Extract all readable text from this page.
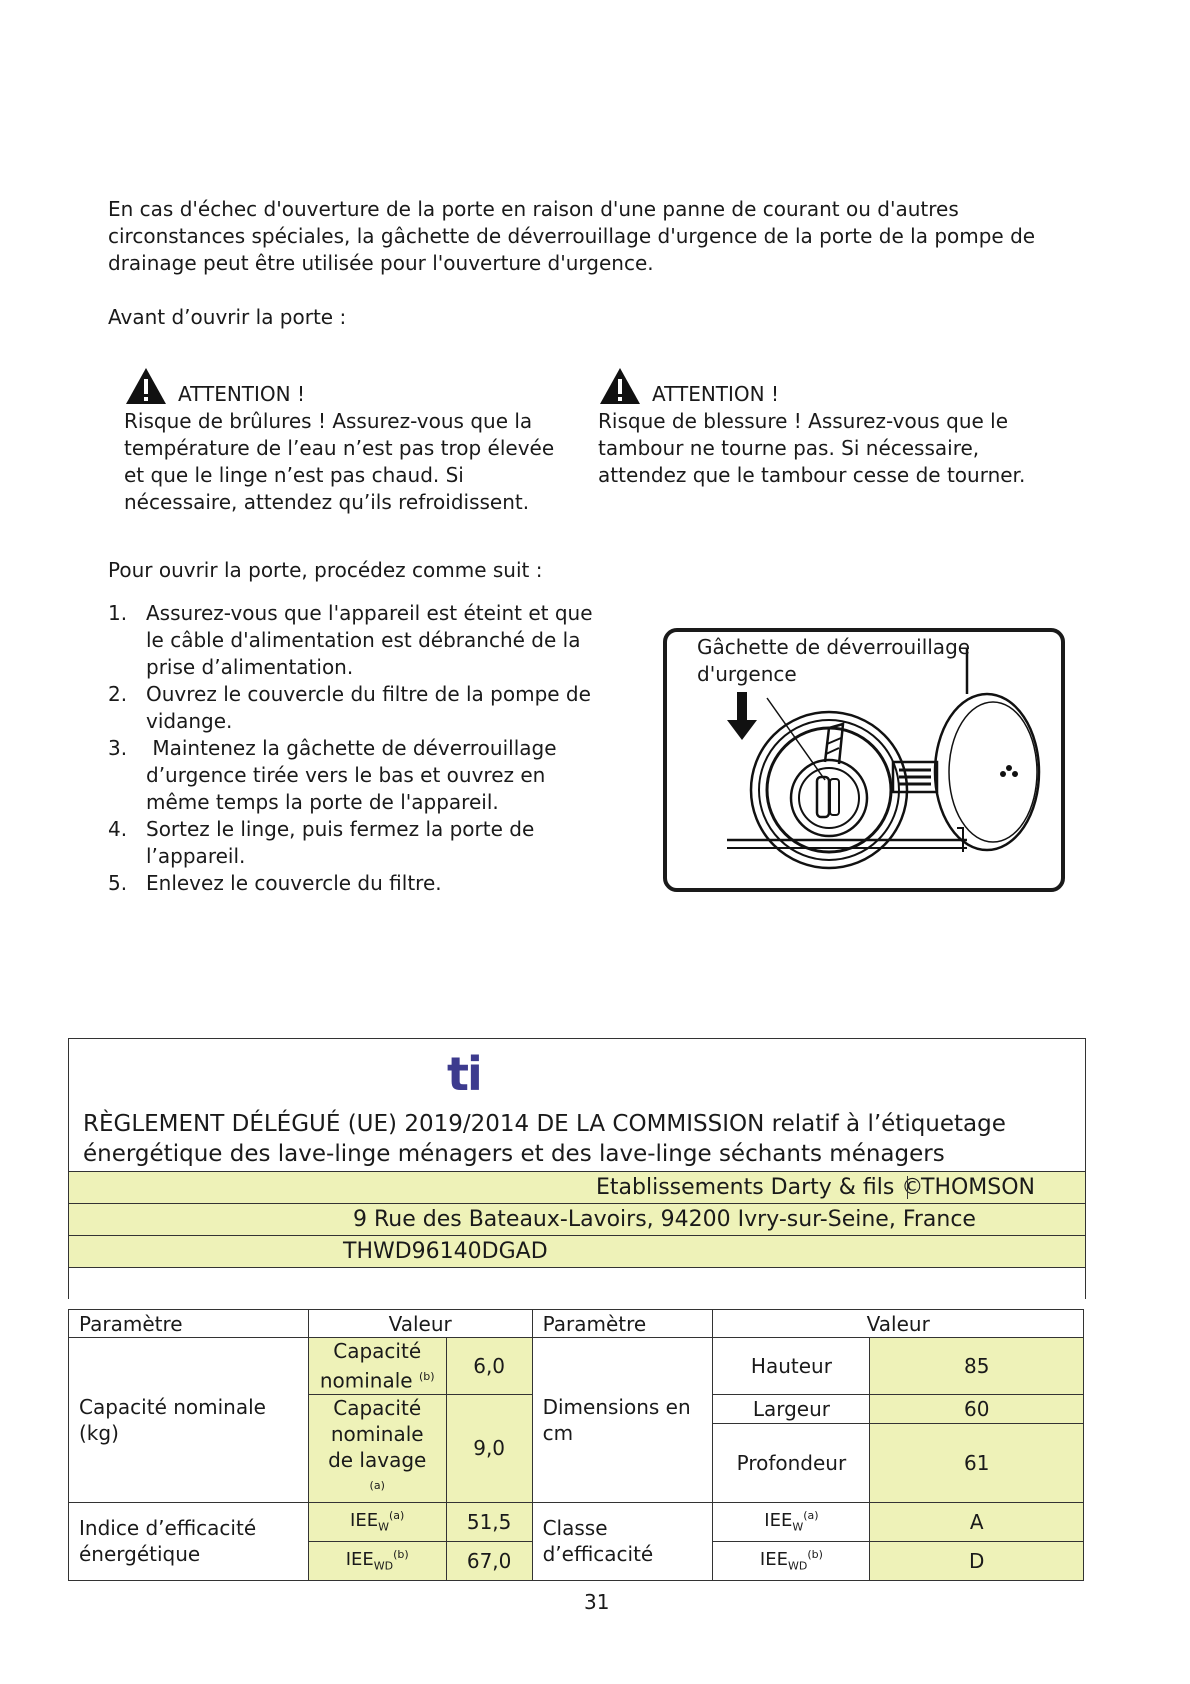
En cas d'échec d'ouverture de la porte en raison d'une panne de courant ou d'autres circonstances spéciales, la gâchette de déverrouillage d'urgence de la porte de la pompe de drainage peut être utilisée pour l'ouverture d'urgence.
Avant d’ouvrir la porte :
ATTENTION !
Risque de brûlures ! Assurez-vous que la température de l’eau n’est pas trop élevée et que le linge n’est pas chaud. Si nécessaire, attendez qu’ils refroidissent.
ATTENTION !
Risque de blessure ! Assurez-vous que le tambour ne tourne pas. Si nécessaire, attendez que le tambour cesse de tourner.
Pour ouvrir la porte, procédez comme suit :
1. Assurez-vous que l'appareil est éteint et que le câble d'alimentation est débranché de la prise d’alimentation.
2. Ouvrez le couvercle du filtre de la pompe de vidange.
3. Maintenez la gâchette de déverrouillage d’urgence tirée vers le bas et ouvrez en même temps la porte de l'appareil.
4. Sortez le linge, puis fermez la porte de l’appareil.
5. Enlevez le couvercle du filtre.
Gâchette de déverrouillage
d'urgence
ti
RÈGLEMENT DÉLÉGUÉ (UE) 2019/2014 DE LA COMMISSION relatif à l’étiquetage
énergétique des lave-linge ménagers et des lave-linge séchants ménagers
Etablissements Darty & fils ©
THOMSON
9 Rue des Bateaux-Lavoirs, 94200 Ivry-sur-Seine, France
THWD96140DGAD
Paramètre	Valeur		Paramètre	Valeur	
Capacité nominale (kg)	Capacité nominale $^{(b)}$	6,0	Dimensions en cm	Hauteur	85
	Capacité nominale de lavage $^{(a)}$	9,0		Largeur	60
				Profondeur	61
Indice d’efficacité énergétique	$IEE_W^{(a)}$	51,5	Classe d’efficacité	$IEE_W^{(a)}$	A
	$IEE_{WD}^{(b)}$	67,0		$IEE_{WD}^{(b)}$	D
31
